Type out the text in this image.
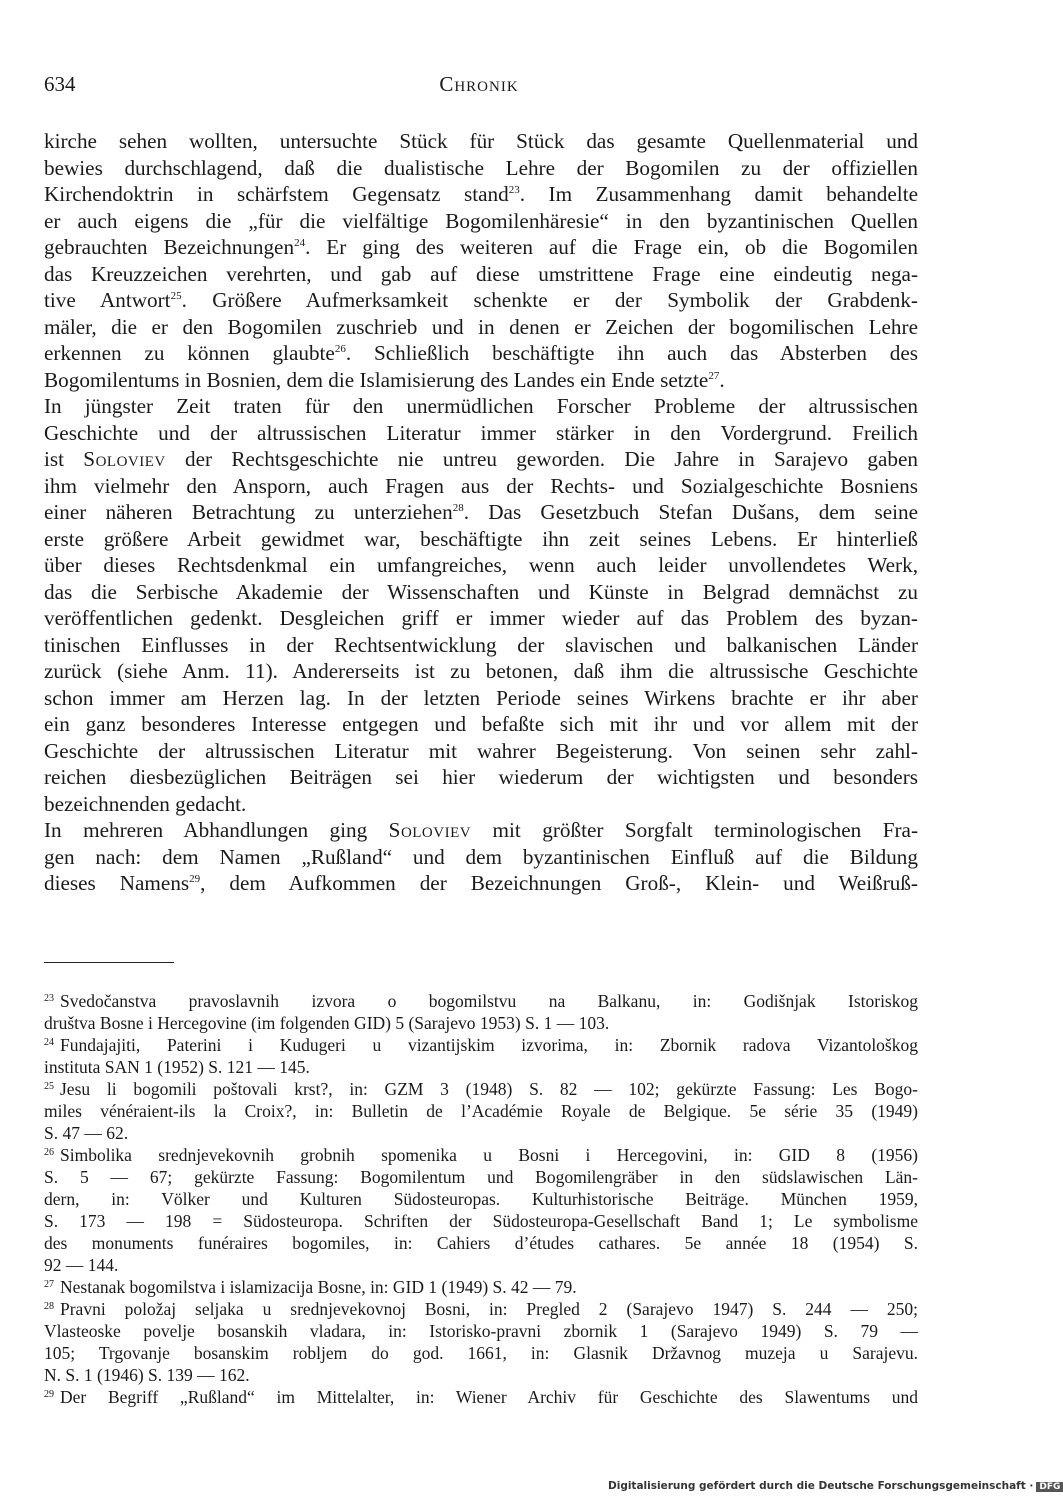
634	Chronik
kirche sehen wollten, untersuchte Stück für Stück das gesamte Quellenmaterial und
bewies durchschlagend, daß die dualistische Lehre der Bogomilen zu der offiziellen
Kirchendoktrin in schärfstem Gegensatz stand$^{23}$. Im Zusammenhang damit behandelte
er auch eigens die „für die vielfältige Bogomilenhäresie“ in den byzantinischen Quellen
gebrauchten Bezeichnungen$^{24}$. Er ging des weiteren auf die Frage ein, ob die Bogomilen
das Kreuzzeichen verehrten, und gab auf diese umstrittene Frage eine eindeutig nega-
tive Antwort$^{25}$. Größere Aufmerksamkeit schenkte er der Symbolik der Grabdenk-
mäler, die er den Bogomilen zuschrieb und in denen er Zeichen der bogomilischen Lehre
erkennen zu können glaubte$^{26}$. Schließlich beschäftigte ihn auch das Absterben des
Bogomilentums in Bosnien, dem die Islamisierung des Landes ein Ende setzte$^{27}$.
In jüngster Zeit traten für den unermüdlichen Forscher Probleme der altrussischen
Geschichte und der altrussischen Literatur immer stärker in den Vordergrund. Freilich
ist Soloviev der Rechtsgeschichte nie untreu geworden. Die Jahre in Sarajevo gaben
ihm vielmehr den Ansporn, auch Fragen aus der Rechts- und Sozialgeschichte Bosniens
einer näheren Betrachtung zu unterziehen$^{28}$. Das Gesetzbuch Stefan Dušans, dem seine
erste größere Arbeit gewidmet war, beschäftigte ihn zeit seines Lebens. Er hinterließ
über dieses Rechtsdenkmal ein umfangreiches, wenn auch leider unvollendetes Werk,
das die Serbische Akademie der Wissenschaften und Künste in Belgrad demnächst zu
veröffentlichen gedenkt. Desgleichen griff er immer wieder auf das Problem des byzan-
tinischen Einflusses in der Rechtsentwicklung der slavischen und balkanischen Länder
zurück (siehe Anm. 11). Andererseits ist zu betonen, daß ihm die altrussische Geschichte
schon immer am Herzen lag. In der letzten Periode seines Wirkens brachte er ihr aber
ein ganz besonderes Interesse entgegen und befaßte sich mit ihr und vor allem mit der
Geschichte der altrussischen Literatur mit wahrer Begeisterung. Von seinen sehr zahl-
reichen diesbezüglichen Beiträgen sei hier wiederum der wichtigsten und besonders
bezeichnenden gedacht.
In mehreren Abhandlungen ging Soloviev mit größter Sorgfalt terminologischen Fra-
gen nach: dem Namen „Rußland“ und dem byzantinischen Einfluß auf die Bildung
dieses Namens$^{29}$, dem Aufkommen der Bezeichnungen Groß-, Klein- und Weißruß-
$^{23}$ Svedočanstva pravoslavnih izvora o bogomilstvu na Balkanu, in: Godišnjak Istoriskog
društva Bosne i Hercegovine (im folgenden GID) 5 (Sarajevo 1953) S. 1 — 103.
$^{24}$ Fundajajiti, Paterini i Kudugeri u vizantijskim izvorima, in: Zbornik radova Vizantološkog
instituta SAN 1 (1952) S. 121 — 145.
$^{25}$ Jesu li bogomili poštovali krst?, in: GZM 3 (1948) S. 82 — 102; gekürzte Fassung: Les Bogo-
miles vénéraient-ils la Croix?, in: Bulletin de l’Académie Royale de Belgique. 5e série 35 (1949)
S. 47 — 62.
$^{26}$ Simbolika srednjevekovnih grobnih spomenika u Bosni i Hercegovini, in: GID 8 (1956)
S. 5 — 67; gekürzte Fassung: Bogomilentum und Bogomilengräber in den südslawischen Län-
dern, in: Völker und Kulturen Südosteuropas. Kulturhistorische Beiträge. München 1959,
S. 173 — 198 = Südosteuropa. Schriften der Südosteuropa-Gesellschaft Band 1; Le symbolisme
des monuments funéraires bogomiles, in: Cahiers d’études cathares. 5e année 18 (1954) S.
92 — 144.
$^{27}$ Nestanak bogomilstva i islamizacija Bosne, in: GID 1 (1949) S. 42 — 79.
$^{28}$ Pravni položaj seljaka u srednjevekovnoj Bosni, in: Pregled 2 (Sarajevo 1947) S. 244 — 250;
Vlasteoske povelje bosanskih vladara, in: Istorisko-pravni zbornik 1 (Sarajevo 1949) S. 79 —
105; Trgovanje bosanskim robljem do god. 1661, in: Glasnik Državnog muzeja u Sarajevu.
N. S. 1 (1946) S. 139 — 162.
$^{29}$ Der Begriff „Rußland“ im Mittelalter, in: Wiener Archiv für Geschichte des Slawentums und
Digitalisierung gefördert durch die Deutsche Forschungsgemeinschaft · DFG
